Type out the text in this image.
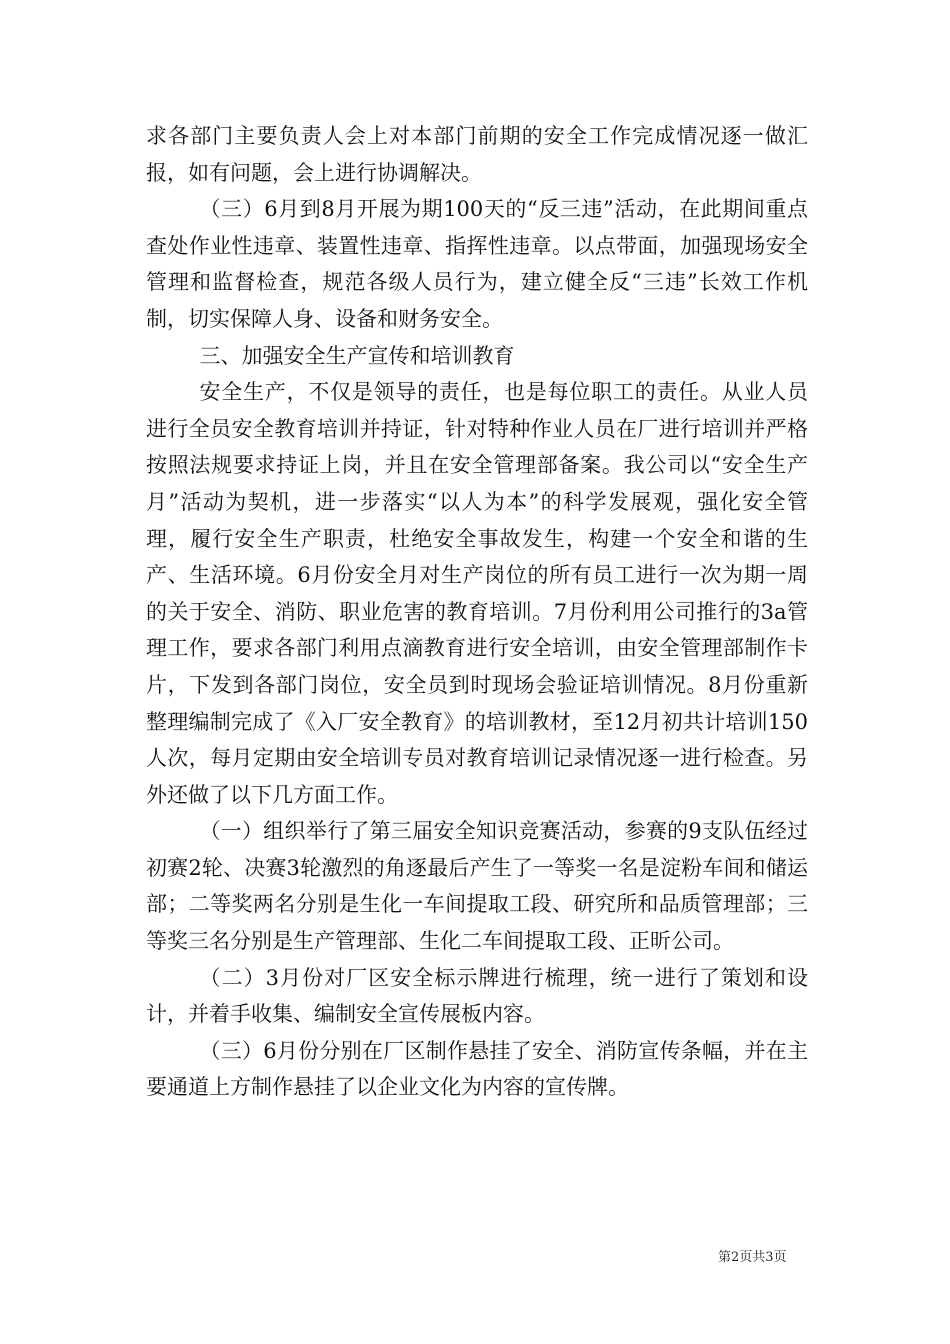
求各部门主要负责人会上对本部门前期的安全工作完成情况逐一做汇报，如有问题，会上进行协调解决。

（三）6月到8月开展为期100天的“反三违”活动，在此期间重点查处作业性违章、装置性违章、指挥性违章。以点带面，加强现场安全管理和监督检查，规范各级人员行为，建立健全反“三违”长效工作机制，切实保障人身、设备和财务安全。

三、加强安全生产宣传和培训教育

安全生产，不仅是领导的责任，也是每位职工的责任。从业人员进行全员安全教育培训并持证，针对特种作业人员在厂进行培训并严格按照法规要求持证上岗，并且在安全管理部备案。我公司以“安全生产月”活动为契机，进一步落实“以人为本”的科学发展观，强化安全管理，履行安全生产职责，杜绝安全事故发生，构建一个安全和谐的生产、生活环境。6月份安全月对生产岗位的所有员工进行一次为期一周的关于安全、消防、职业危害的教育培训。7月份利用公司推行的3a管理工作，要求各部门利用点滴教育进行安全培训，由安全管理部制作卡片，下发到各部门岗位，安全员到时现场会验证培训情况。8月份重新整理编制完成了《入厂安全教育》的培训教材，至12月初共计培训150人次，每月定期由安全培训专员对教育培训记录情况逐一进行检查。另外还做了以下几方面工作。

（一）组织举行了第三届安全知识竞赛活动，参赛的9支队伍经过初赛2轮、决赛3轮激烈的角逐最后产生了一等奖一名是淀粉车间和储运部；二等奖两名分别是生化一车间提取工段、研究所和品质管理部；三等奖三名分别是生产管理部、生化二车间提取工段、正昕公司。

（二）3月份对厂区安全标示牌进行梳理，统一进行了策划和设计，并着手收集、编制安全宣传展板内容。

（三）6月份分别在厂区制作悬挂了安全、消防宣传条幅，并在主要通道上方制作悬挂了以企业文化为内容的宣传牌。

第2页共3页
